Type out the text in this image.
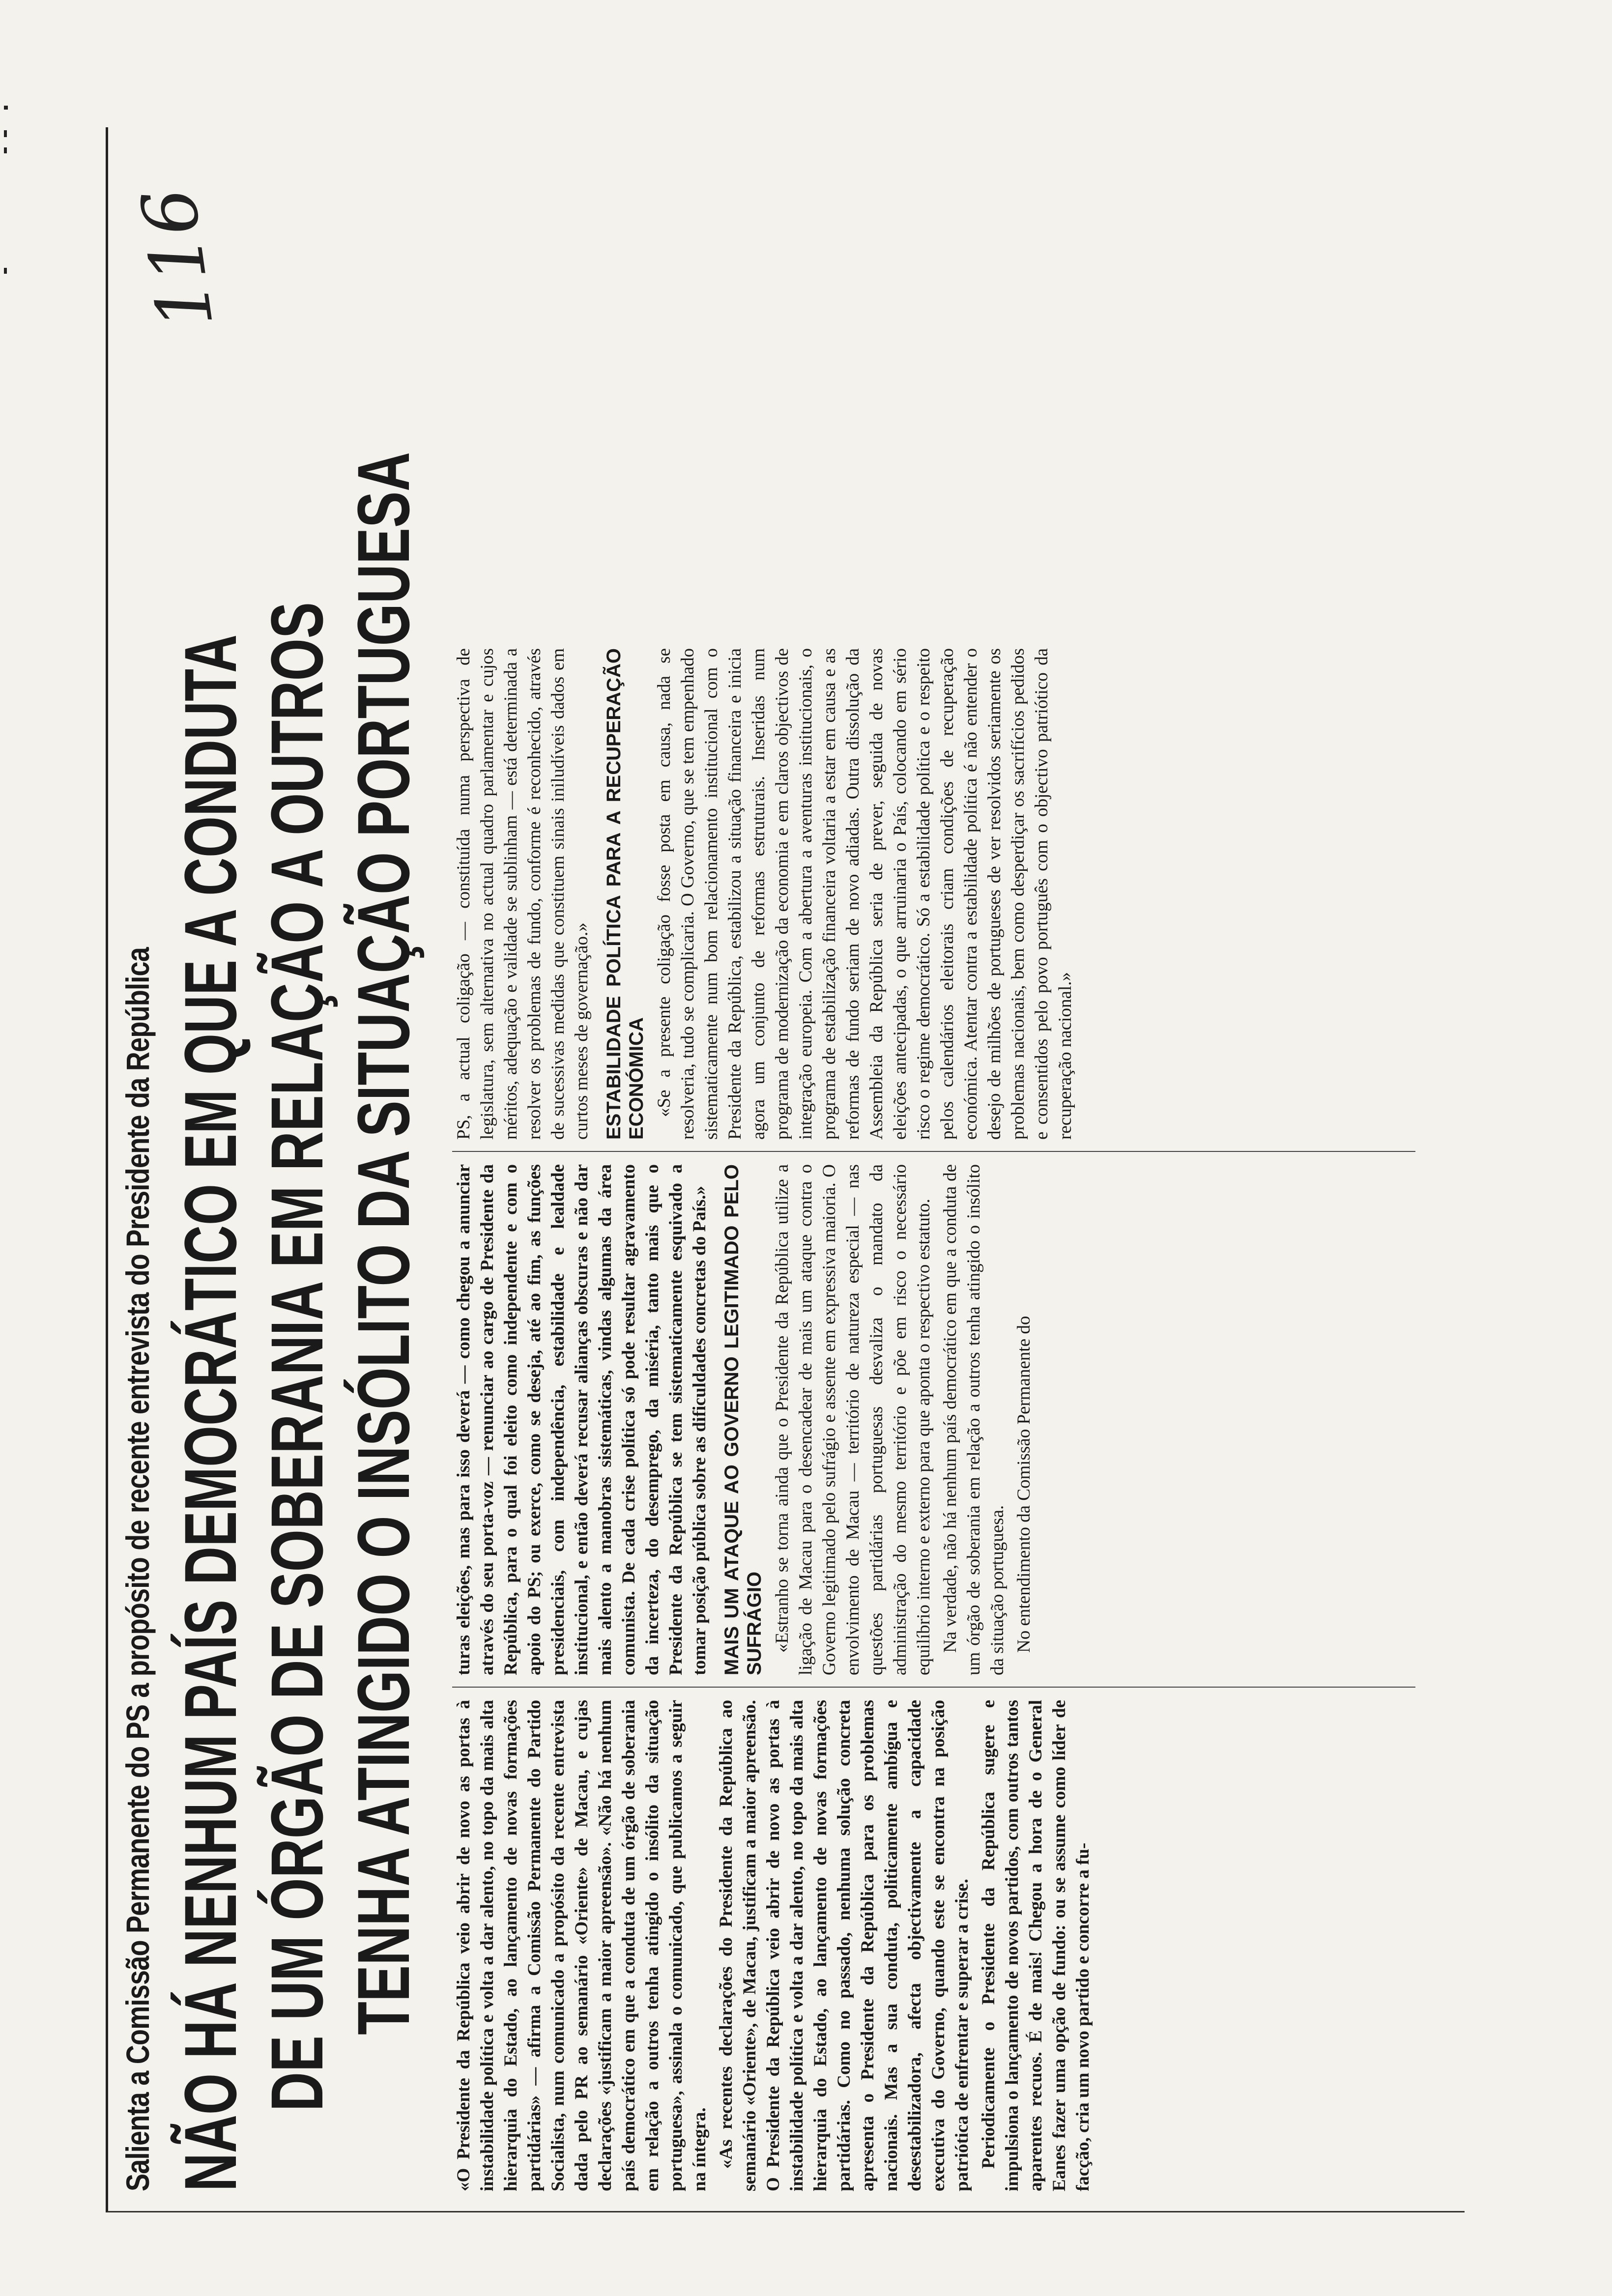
Salienta a Comissão Permanente do PS a propósito de recente entrevista do Presidente da República NÃO HÁ NENHUM PAÍS DEMOCRÁTICO EM QUE A CONDUTA DE UM ÓRGÃO DE SOBERANIA EM RELAÇÃO A OUTROS TENHA ATINGIDO O INSÓLITO DA SITUAÇÃO PORTUGUESA
116

«O Presidente da República veio abrir de novo as portas à instabilidade política e volta a dar alento, no topo da mais alta hierarquia do Estado, ao lançamento de novas formações partidárias» — afirma a Comissão Permanente do Partido Socialista, num comunicado a propósito da recente entrevista dada pelo PR ao semanário «Oriente» de Macau, e cujas declarações «justificam a maior apreensão». «Não há nenhum país democrático em que a conduta de um órgão de soberania em relação a outros tenha atingido o insólito da situação portuguesa», assinala o comunicado, que publicamos a seguir na íntegra. «As recentes declarações do Presidente da República ao semanário «Oriente», de Macau, justificam a maior apreensão. O Presidente da República veio abrir de novo as portas à instabilidade política e volta a dar alento, no topo da mais alta hierarquia do Estado, ao lançamento de novas formações partidárias. Como no passado, nenhuma solução concreta apresenta o Presidente da República para os problemas nacionais. Mas a sua conduta, politicamente ambígua e desestabilizadora, afecta objectivamente a capacidade executiva do Governo, quando este se encontra na posição patriótica de enfrentar e superar a crise. Periodicamente o Presidente da República sugere e impulsiona o lançamento de novos partidos, com outros tantos aparentes recuos. É de mais! Chegou a hora de o General Eanes fazer uma opção de fundo: ou se assume como líder de facção, cria um novo partido e concorre a fu-

turas eleições, mas para isso deverá — como chegou a anunciar através do seu porta-voz — renunciar ao cargo de Presidente da República, para o qual foi eleito como independente e com o apoio do PS; ou exerce, como se deseja, até ao fim, as funções presidenciais, com independência, estabilidade e lealdade institucional, e então deverá recusar alianças obscuras e não dar mais alento a manobras sistemáticas, vindas algumas da área comunista. De cada crise política só pode resultar agravamento da incerteza, do desemprego, da miséria, tanto mais que o Presidente da República se tem sistematicamente esquivado a tomar posição pública sobre as dificuldades concretas do País.» MAIS UM ATAQUE AO GOVERNO LEGITIMADO PELO SUFRÁGIO «Estranho se torna ainda que o Presidente da República utilize a ligação de Macau para o desencadear de mais um ataque contra o Governo legitimado pelo sufrágio e assente em expressiva maioria. O envolvimento de Macau — território de natureza especial — nas questões partidárias portuguesas desvaliza o mandato da administração do mesmo território e põe em risco o necessário equilíbrio interno e externo para que aponta o respectivo estatuto. Na verdade, não há nenhum país democrático em que a conduta de um órgão de soberania em relação a outros tenha atingido o insólito da situação portuguesa. No entendimento da Comissão Permanente do

PS, a actual coligação — constituída numa perspectiva de legislatura, sem alternativa no actual quadro parlamentar e cujos méritos, adequação e validade se sublinham — está determinada a resolver os problemas de fundo, conforme é reconhecido, através de sucessivas medidas que constituem sinais iniludíveis dados em curtos meses de governação.» ESTABILIDADE POLÍTICA PARA A RECUPERAÇÃO ECONÓMICA «Se a presente coligação fosse posta em causa, nada se resolveria, tudo se complicaria. O Governo, que se tem empenhado sistematicamente num bom relacionamento institucional com o Presidente da República, estabilizou a situação financeira e inicia agora um conjunto de reformas estruturais. Inseridas num programa de modernização da economia e em claros objectivos de integração europeia. Com a abertura a aventuras institucionais, o programa de estabilização financeira voltaria a estar em causa e as reformas de fundo seriam de novo adiadas. Outra dissolução da Assembleia da República seria de prever, seguida de novas eleições antecipadas, o que arruinaria o País, colocando em sério risco o regime democrático. Só a estabilidade política e o respeito pelos calendários eleitorais criam condições de recuperação económica. Atentar contra a estabilidade política é não entender o desejo de milhões de portugueses de ver resolvidos seriamente os problemas nacionais, bem como desperdiçar os sacrifícios pedidos e consentidos pelo povo português com o objectivo patriótico da recuperação nacional.»
